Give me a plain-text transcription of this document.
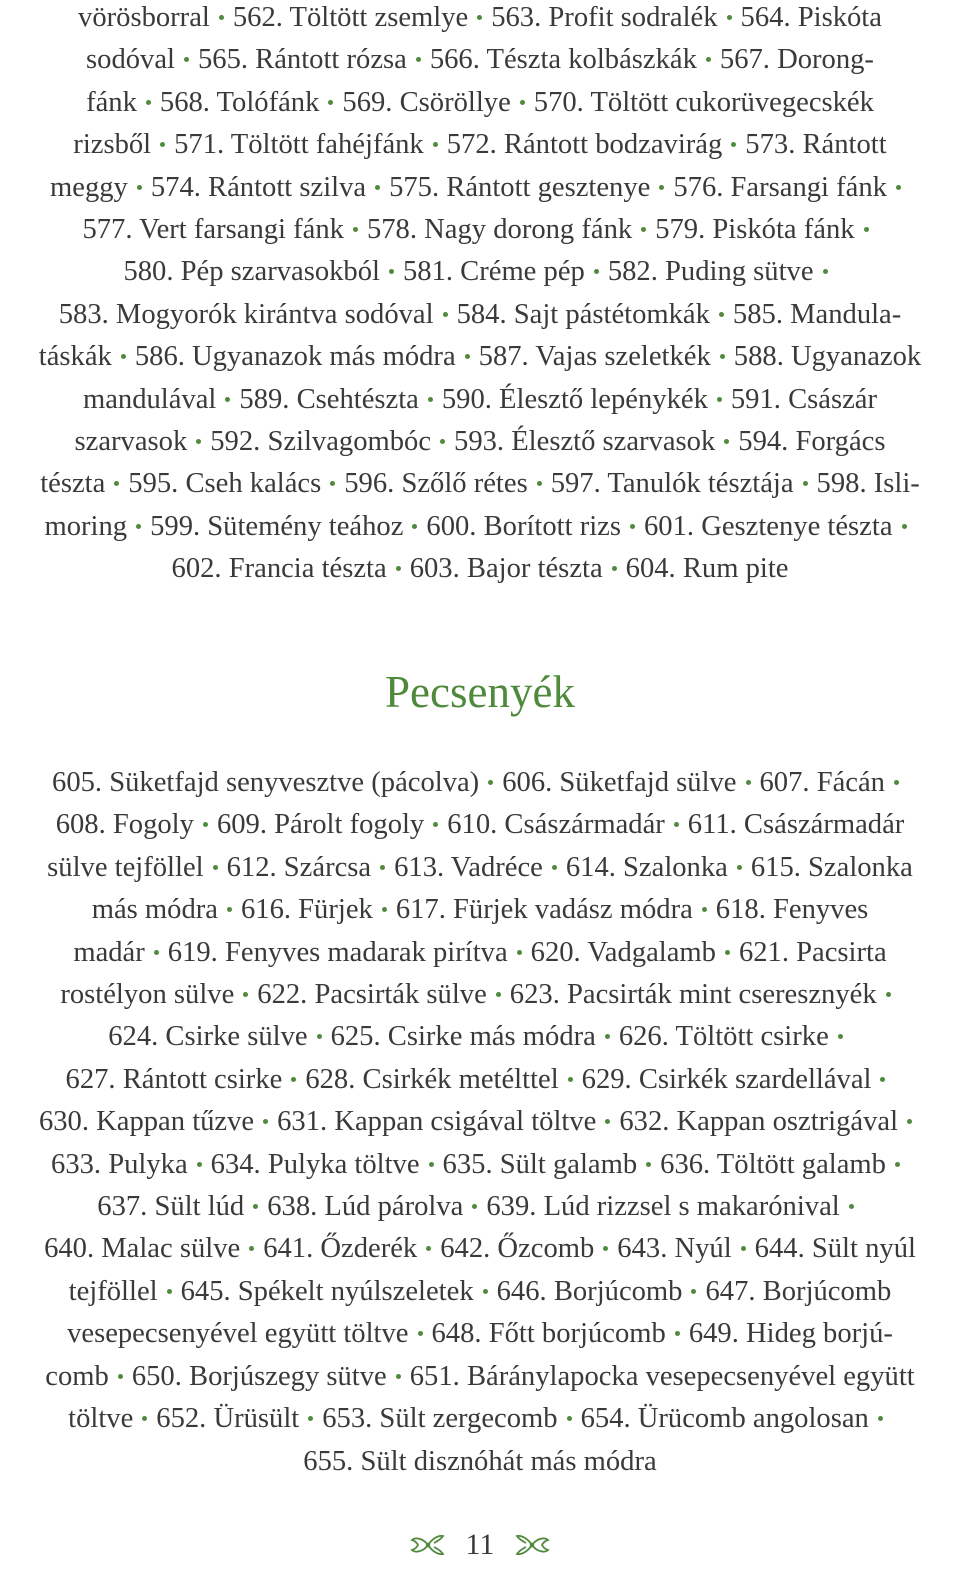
vörösborral 562. Töltött zsemlye 563. Profit sodralék 564. Piskóta
sodóval 565. Rántott rózsa 566. Tészta kolbászkák 567. Dorong-
fánk 568. Tolófánk 569. Csöröllye 570. Töltött cukorüvegecskék
rizsből 571. Töltött fahéjfánk 572. Rántott bodzavirág 573. Rántott
meggy 574. Rántott szilva 575. Rántott gesztenye 576. Farsangi fánk
577. Vert farsangi fánk 578. Nagy dorong fánk 579. Piskóta fánk
580. Pép szarvasokból 581. Créme pép 582. Puding sütve
583. Mogyorók kirántva sodóval 584. Sajt pástétomkák 585. Mandula-
táskák 586. Ugyanazok más módra 587. Vajas szeletkék 588. Ugyanazok
mandulával 589. Csehtészta 590. Élesztő lepénykék 591. Császár
szarvasok 592. Szilvagombóc 593. Élesztő szarvasok 594. Forgács
tészta 595. Cseh kalács 596. Szőlő rétes 597. Tanulók tésztája 598. Isli-
moring 599. Sütemény teához 600. Borított rizs 601. Gesztenye tészta
602. Francia tészta 603. Bajor tészta 604. Rum pite

Pecsenyék

605. Süketfajd senyvesztve (pácolva) 606. Süketfajd sülve 607. Fácán
608. Fogoly 609. Párolt fogoly 610. Császármadár 611. Császármadár
sülve tejföllel 612. Szárcsa 613. Vadréce 614. Szalonka 615. Szalonka
más módra 616. Fürjek 617. Fürjek vadász módra 618. Fenyves
madár 619. Fenyves madarak pirítva 620. Vadgalamb 621. Pacsirta
rostélyon sülve 622. Pacsirták sülve 623. Pacsirták mint cseresznyék
624. Csirke sülve 625. Csirke más módra 626. Töltött csirke
627. Rántott csirke 628. Csirkék metélttel 629. Csirkék szardellával
630. Kappan tűzve 631. Kappan csigával töltve 632. Kappan osztrigával
633. Pulyka 634. Pulyka töltve 635. Sült galamb 636. Töltött galamb
637. Sült lúd 638. Lúd párolva 639. Lúd rizzsel s makarónival
640. Malac sülve 641. Őzderék 642. Őzcomb 643. Nyúl 644. Sült nyúl
tejföllel 645. Spékelt nyúlszeletek 646. Borjúcomb 647. Borjúcomb
vesepecsenyével együtt töltve 648. Főtt borjúcomb 649. Hideg borjú-
comb 650. Borjúszegy sütve 651. Báránylapocka vesepecsenyével együtt
töltve 652. Ürüsült 653. Sült zergecomb 654. Ürücomb angolosan
655. Sült disznóhát más módra

11
